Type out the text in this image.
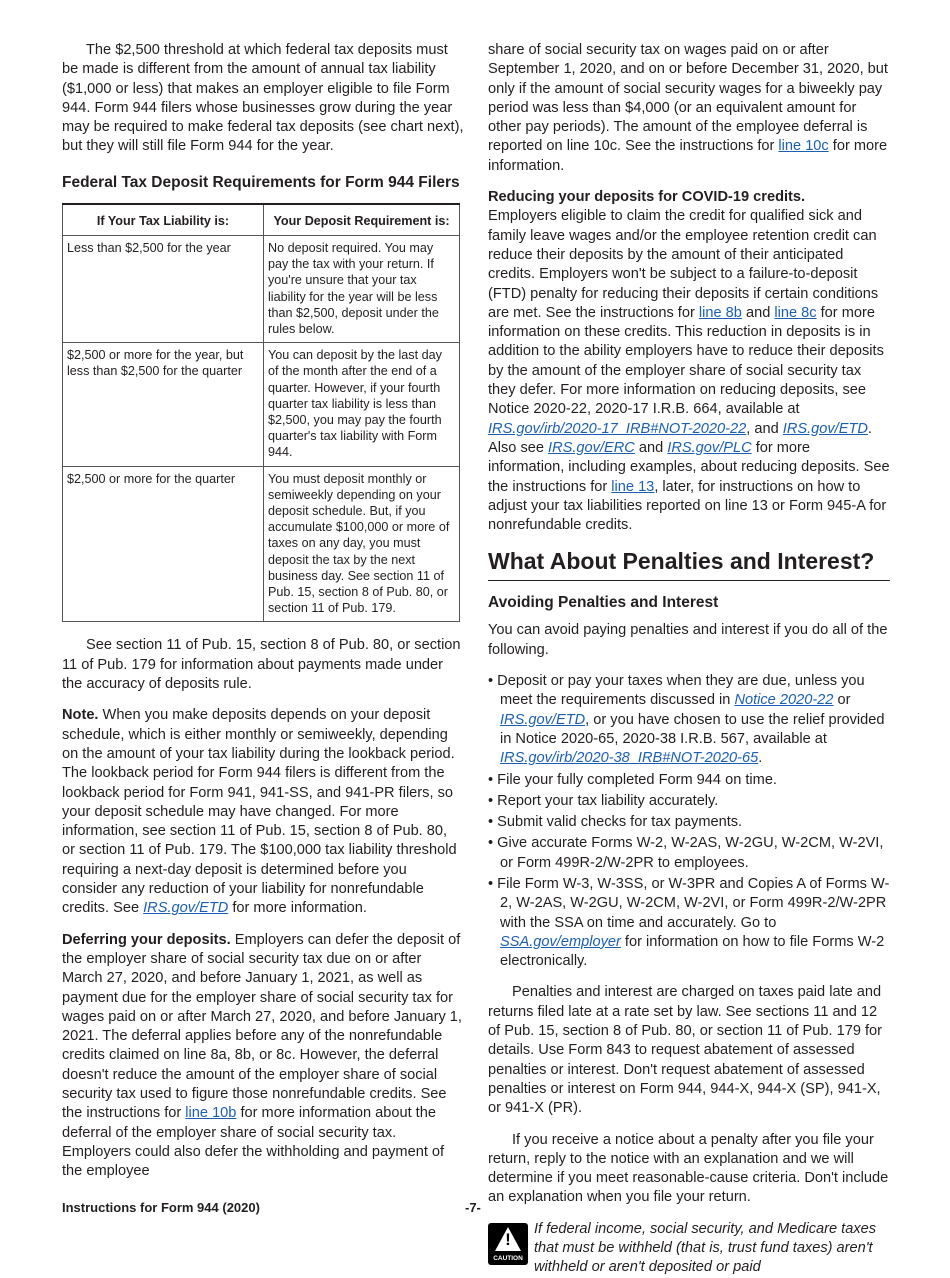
The $2,500 threshold at which federal tax deposits must be made is different from the amount of annual tax liability ($1,000 or less) that makes an employer eligible to file Form 944. Form 944 filers whose businesses grow during the year may be required to make federal tax deposits (see chart next), but they will still file Form 944 for the year.

Federal Tax Deposit Requirements for Form 944 Filers
If Your Tax Liability is:	Your Deposit Requirement is:
Less than $2,500 for the year	No deposit required. You may pay the tax with your return. If you're unsure that your tax liability for the year will be less than $2,500, deposit under the rules below.
$2,500 or more for the year, but less than $2,500 for the quarter	You can deposit by the last day of the month after the end of a quarter. However, if your fourth quarter tax liability is less than $2,500, you may pay the fourth quarter's tax liability with Form 944.
$2,500 or more for the quarter	You must deposit monthly or semiweekly depending on your deposit schedule. But, if you accumulate $100,000 or more of taxes on any day, you must deposit the tax by the next business day. See section 11 of Pub. 15, section 8 of Pub. 80, or section 11 of Pub. 179.

See section 11 of Pub. 15, section 8 of Pub. 80, or section 11 of Pub. 179 for information about payments made under the accuracy of deposits rule.

Note. When you make deposits depends on your deposit schedule, which is either monthly or semiweekly, depending on the amount of your tax liability during the lookback period. The lookback period for Form 944 filers is different from the lookback period for Form 941, 941-SS, and 941-PR filers, so your deposit schedule may have changed. For more information, see section 11 of Pub. 15, section 8 of Pub. 80, or section 11 of Pub. 179. The $100,000 tax liability threshold requiring a next-day deposit is determined before you consider any reduction of your liability for nonrefundable credits. See IRS.gov/ETD for more information.

Deferring your deposits. Employers can defer the deposit of the employer share of social security tax due on or after March 27, 2020, and before January 1, 2021, as well as payment due for the employer share of social security tax for wages paid on or after March 27, 2020, and before January 1, 2021. The deferral applies before any of the nonrefundable credits claimed on line 8a, 8b, or 8c. However, the deferral doesn't reduce the amount of the employer share of social security tax used to figure those nonrefundable credits. See the instructions for line 10b for more information about the deferral of the employer share of social security tax. Employers could also defer the withholding and payment of the employee

share of social security tax on wages paid on or after September 1, 2020, and on or before December 31, 2020, but only if the amount of social security wages for a biweekly pay period was less than $4,000 (or an equivalent amount for other pay periods). The amount of the employee deferral is reported on line 10c. See the instructions for line 10c for more information.

Reducing your deposits for COVID-19 credits.
Employers eligible to claim the credit for qualified sick and family leave wages and/or the employee retention credit can reduce their deposits by the amount of their anticipated credits. Employers won't be subject to a failure-to-deposit (FTD) penalty for reducing their deposits if certain conditions are met. See the instructions for line 8b and line 8c for more information on these credits. This reduction in deposits is in addition to the ability employers have to reduce their deposits by the amount of the employer share of social security tax they defer. For more information on reducing deposits, see Notice 2020-22, 2020-17 I.R.B. 664, available at IRS.gov/irb/2020-17_IRB#NOT-2020-22, and IRS.gov/ETD. Also see IRS.gov/ERC and IRS.gov/PLC for more information, including examples, about reducing deposits. See the instructions for line 13, later, for instructions on how to adjust your tax liabilities reported on line 13 or Form 945-A for nonrefundable credits.

What About Penalties and Interest?
Avoiding Penalties and Interest

You can avoid paying penalties and interest if you do all of the following.

• Deposit or pay your taxes when they are due, unless you meet the requirements discussed in Notice 2020-22 or IRS.gov/ETD, or you have chosen to use the relief provided in Notice 2020-65, 2020-38 I.R.B. 567, available at IRS.gov/irb/2020-38_IRB#NOT-2020-65.
• File your fully completed Form 944 on time.
• Report your tax liability accurately.
• Submit valid checks for tax payments.
• Give accurate Forms W-2, W-2AS, W-2GU, W-2CM, W-2VI, or Form 499R-2/W-2PR to employees.
• File Form W-3, W-3SS, or W-3PR and Copies A of Forms W-2, W-2AS, W-2GU, W-2CM, W-2VI, or Form 499R-2/W-2PR with the SSA on time and accurately. Go to SSA.gov/employer for information on how to file Forms W-2 electronically.

Penalties and interest are charged on taxes paid late and returns filed late at a rate set by law. See sections 11 and 12 of Pub. 15, section 8 of Pub. 80, or section 11 of Pub. 179 for details. Use Form 843 to request abatement of assessed penalties or interest. Don't request abatement of assessed penalties or interest on Form 944, 944-X, 944-X (SP), 941-X, or 941-X (PR).

If you receive a notice about a penalty after you file your return, reply to the notice with an explanation and we will determine if you meet reasonable-cause criteria. Don't include an explanation when you file your return.

!
CAUTION
If federal income, social security, and Medicare taxes that must be withheld (that is, trust fund taxes) aren't withheld or aren't deposited or paid
Instructions for Form 944 (2020)	-7-
